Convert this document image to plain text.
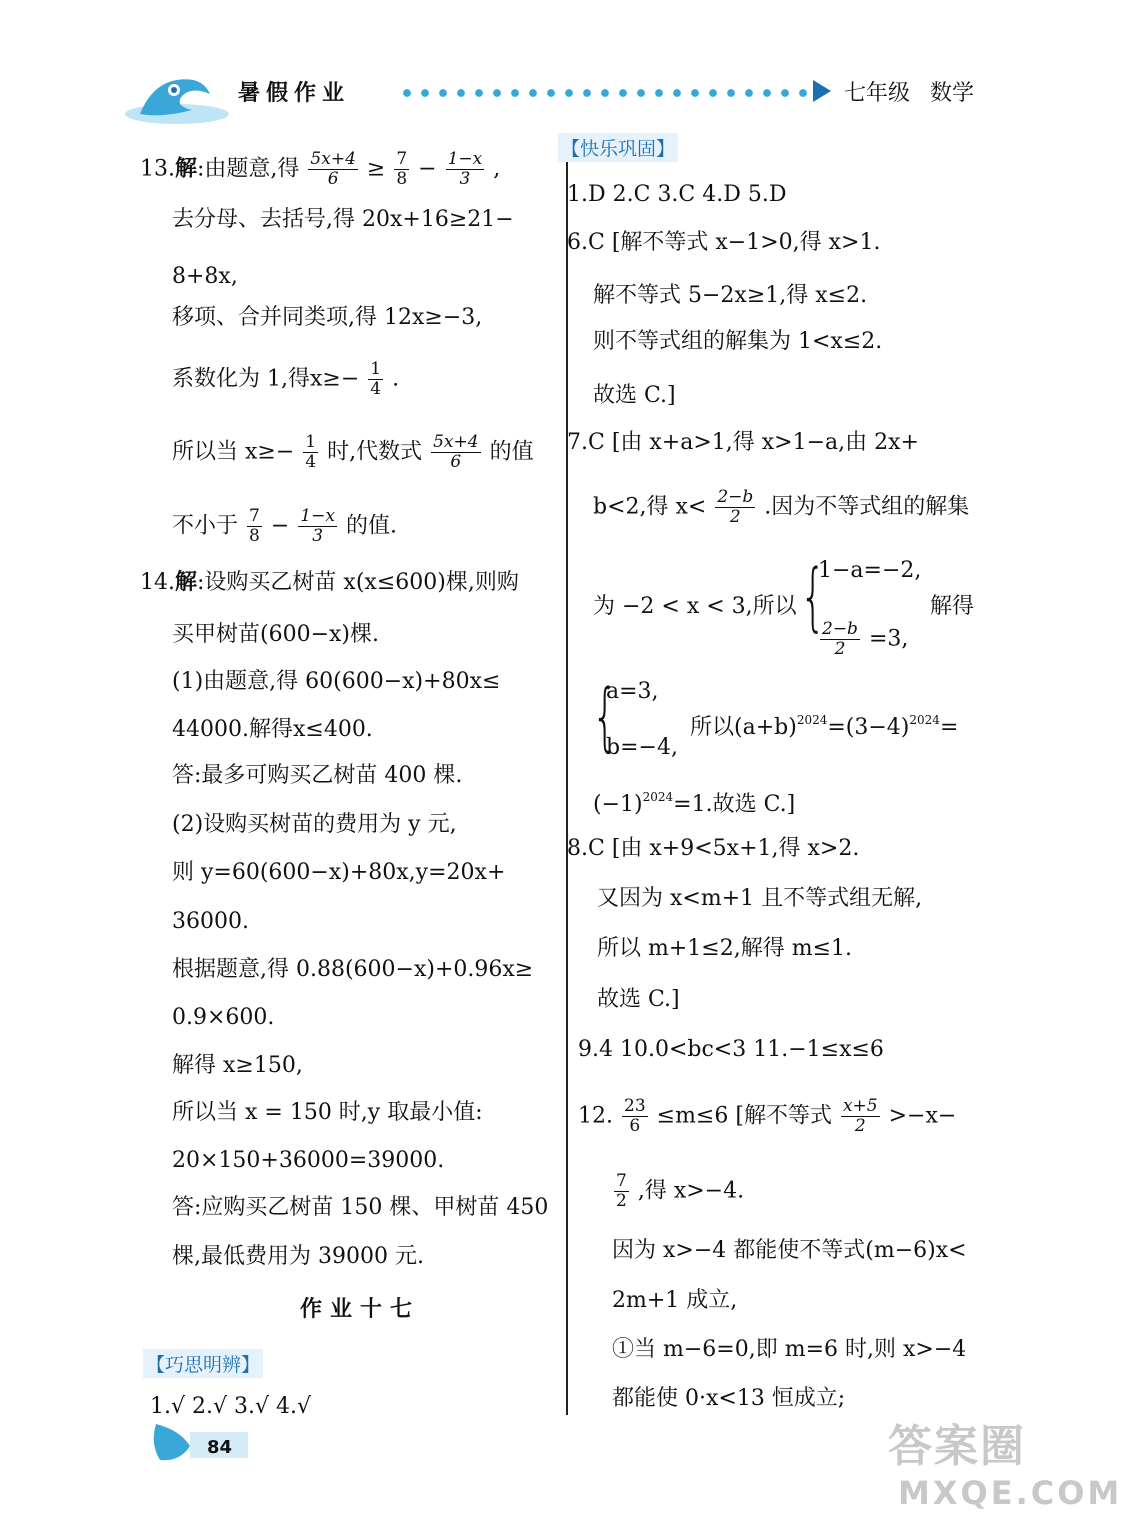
暑假作业	七年级 数学
13.解:由题意,得 $\frac{5x+4}{6} \ge \frac{7}{8} - \frac{1-x}{3}$ ,
去分母、去括号,得 20x+16≥21−
8+8x,
移项、合并同类项,得 12x≥−3,
系数化为 1,得$x\ge- \frac{1}{4}$ .
所以当 $x\ge- \frac{1}{4}$ 时,代数式 $\frac{5x+4}{6}$ 的值
不小于 $\frac{7}{8} - \frac{1-x}{3}$ 的值.
14.解:设购买乙树苗 x(x≤600)棵,则购
买甲树苗(600−x)棵.
(1)由题意,得 60(600−x)+80x≤
44000.解得x≤400.
答:最多可购买乙树苗 400 棵.
(2)设购买树苗的费用为 y 元,
则 y=60(600−x)+80x,y=20x+
36000.
根据题意,得 0.88(600−x)+0.96x≥
0.9×600.
解得 x≥150,
所以当 x = 150 时,y 取最小值:
20×150+36000=39000.
答:应购买乙树苗 150 棵、甲树苗 450
棵,最低费用为 39000 元.
作业十七
【巧思明辨】
1.√ 2.√ 3.√ 4.√
84
【快乐巩固】
1.D 2.C 3.C 4.D 5.D
6.C [解不等式 x−1>0,得 x>1.
解不等式 5−2x≥1,得 x≤2.
则不等式组的解集为 1<x≤2.
故选 C.]
7.C [由 x+a>1,得 x>1−a,由 2x+
b<2,得 $x< \frac{2-b}{2}$ .因为不等式组的解集
为 −2 < x < 3,所以 {
1−a=−2,
$\frac{2-b}{2} =3$,
解得
{
a=3,
b=−4,
所以$(a+b)^{2024}=(3-4)^{2024}=$
$(-1)^{2024}=1$.故选 C.]
8.C [由 x+9<5x+1,得 x>2.
又因为 x<m+1 且不等式组无解,
所以 m+1≤2,解得 m≤1.
故选 C.]
9.4 10.0<bc<3 11.−1≤x≤6
12. $\frac{23}{6} \le m\le 6$ [解不等式 $\frac{x+5}{2} >-x-$
$\frac{7}{2}$ ,得 x>−4.
因为 x>−4 都能使不等式(m−6)x<
2m+1 成立,
①当 m−6=0,即 m=6 时,则 x>−4
都能使 0·x<13 恒成立;
答案圈
MXQE.COM
